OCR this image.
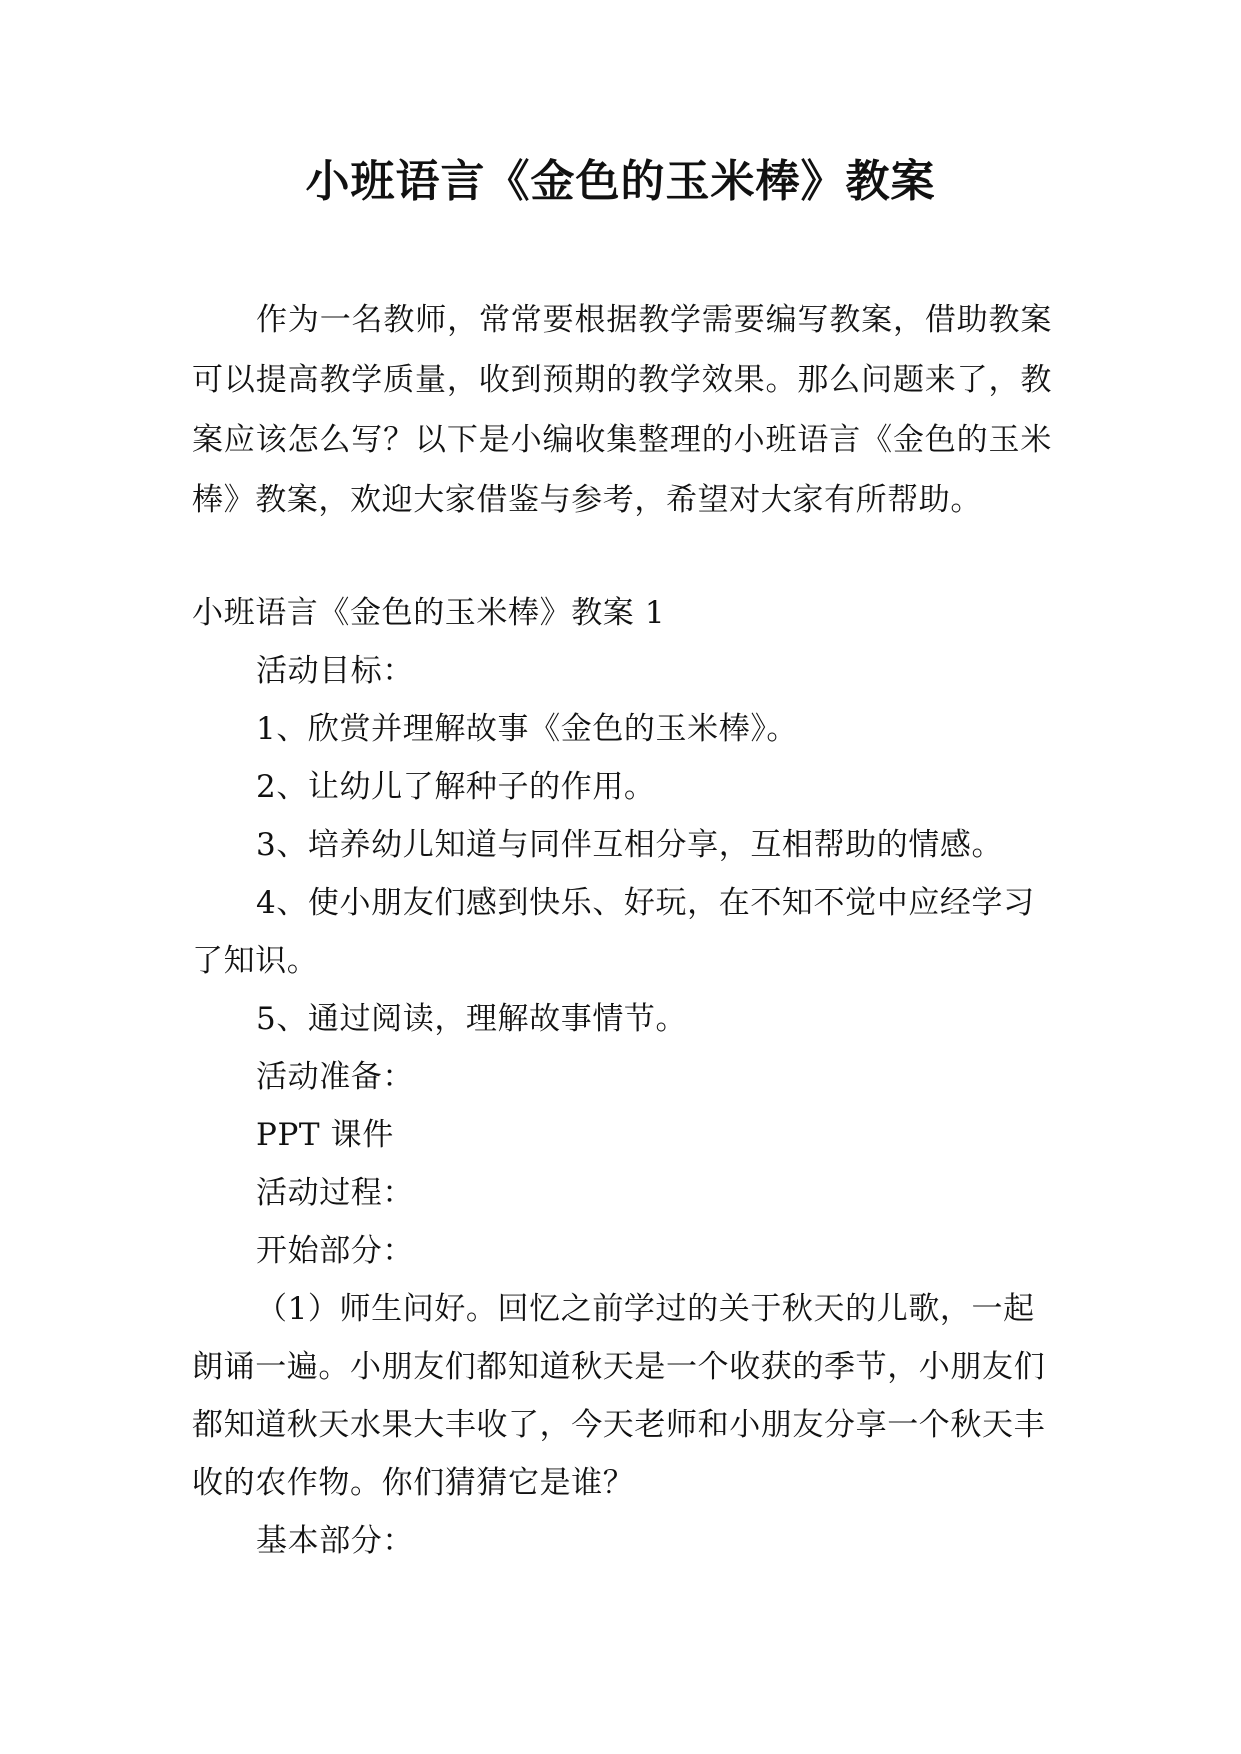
小班语言《金色的玉米棒》教案

作为一名教师，常常要根据教学需要编写教案，借助教案可以提高教学质量，收到预期的教学效果。那么问题来了，教案应该怎么写？以下是小编收集整理的小班语言《金色的玉米棒》教案，欢迎大家借鉴与参考，希望对大家有所帮助。

小班语言《金色的玉米棒》教案 1

活动目标：

1、欣赏并理解故事《金色的玉米棒》。

2、让幼儿了解种子的作用。

3、培养幼儿知道与同伴互相分享，互相帮助的情感。

4、使小朋友们感到快乐、好玩，在不知不觉中应经学习了知识。

5、通过阅读，理解故事情节。

活动准备：

PPT 课件

活动过程：

开始部分：

（1）师生问好。回忆之前学过的关于秋天的儿歌，一起朗诵一遍。小朋友们都知道秋天是一个收获的季节，小朋友们都知道秋天水果大丰收了，今天老师和小朋友分享一个秋天丰收的农作物。你们猜猜它是谁？

基本部分：
